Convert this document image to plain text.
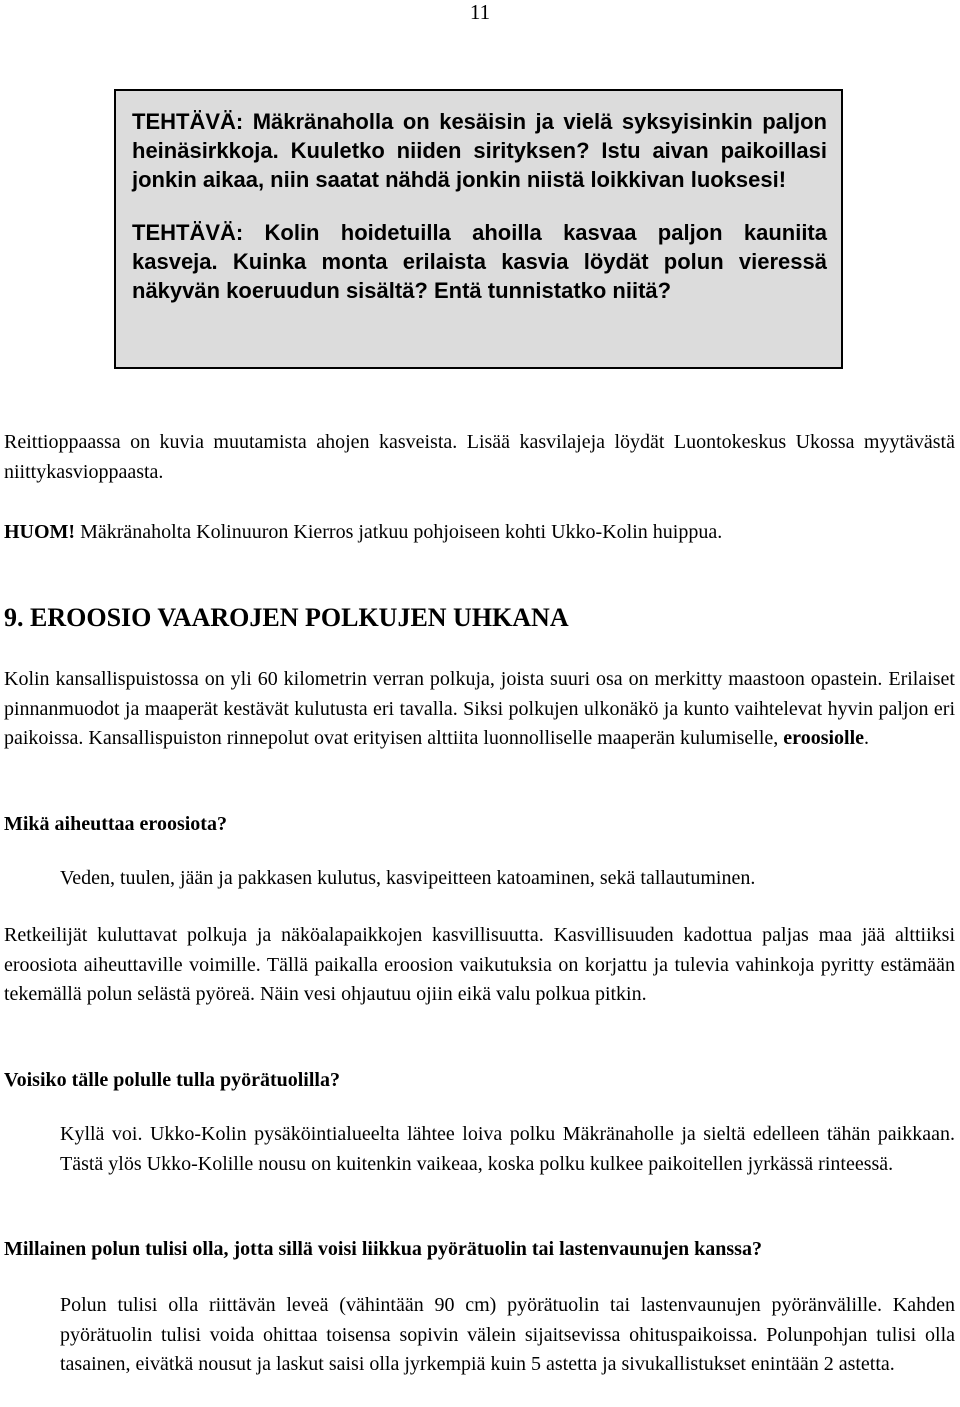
11

TEHTÄVÄ: Mäkränaholla on kesäisin ja vielä syksyisinkin paljon heinäsirkkoja. Kuuletko niiden sirityksen? Istu aivan paikoillasi jonkin aikaa, niin saatat nähdä jonkin niistä loikkivan luoksesi!

TEHTÄVÄ: Kolin hoidetuilla ahoilla kasvaa paljon kauniita kasveja. Kuinka monta erilaista kasvia löydät polun vieressä näkyvän koeruudun sisältä? Entä tunnistatko niitä?

Reittioppaassa on kuvia muutamista ahojen kasveista. Lisää kasvilajeja löydät Luontokeskus Ukossa myytävästä niittykasvioppaasta.

HUOM! Mäkränaholta Kolinuuron Kierros jatkuu pohjoiseen kohti Ukko-Kolin huippua.

9. EROOSIO VAAROJEN POLKUJEN UHKANA

Kolin kansallispuistossa on yli 60 kilometrin verran polkuja, joista suuri osa on merkitty maastoon opastein. Erilaiset pinnanmuodot ja maaperät kestävät kulutusta eri tavalla. Siksi polkujen ulkonäkö ja kunto vaihtelevat hyvin paljon eri paikoissa. Kansallispuiston rinnepolut ovat erityisen alttiita luonnolliselle maaperän kulumiselle, eroosiolle.

Mikä aiheuttaa eroosiota?

Veden, tuulen, jään ja pakkasen kulutus, kasvipeitteen katoaminen, sekä tallautuminen.

Retkeilijät kuluttavat polkuja ja näköalapaikkojen kasvillisuutta. Kasvillisuuden kadottua paljas maa jää alttiiksi eroosiota aiheuttaville voimille. Tällä paikalla eroosion vaikutuksia on korjattu ja tulevia vahinkoja pyritty estämään tekemällä polun selästä pyöreä. Näin vesi ohjautuu ojiin eikä valu polkua pitkin.

Voisiko tälle polulle tulla pyörätuolilla?

Kyllä voi. Ukko-Kolin pysäköintialueelta lähtee loiva polku Mäkränaholle ja sieltä edelleen tähän paikkaan. Tästä ylös Ukko-Kolille nousu on kuitenkin vaikeaa, koska polku kulkee paikoitellen jyrkässä rinteessä.

Millainen polun tulisi olla, jotta sillä voisi liikkua pyörätuolin tai lastenvaunujen kanssa?

Polun tulisi olla riittävän leveä (vähintään 90 cm) pyörätuolin tai lastenvaunujen pyöränvälille. Kahden pyörätuolin tulisi voida ohittaa toisensa sopivin välein sijaitsevissa ohituspaikoissa. Polunpohjan tulisi olla tasainen, eivätkä nousut ja laskut saisi olla jyrkempiä kuin 5 astetta ja sivukallistukset enintään 2 astetta.
